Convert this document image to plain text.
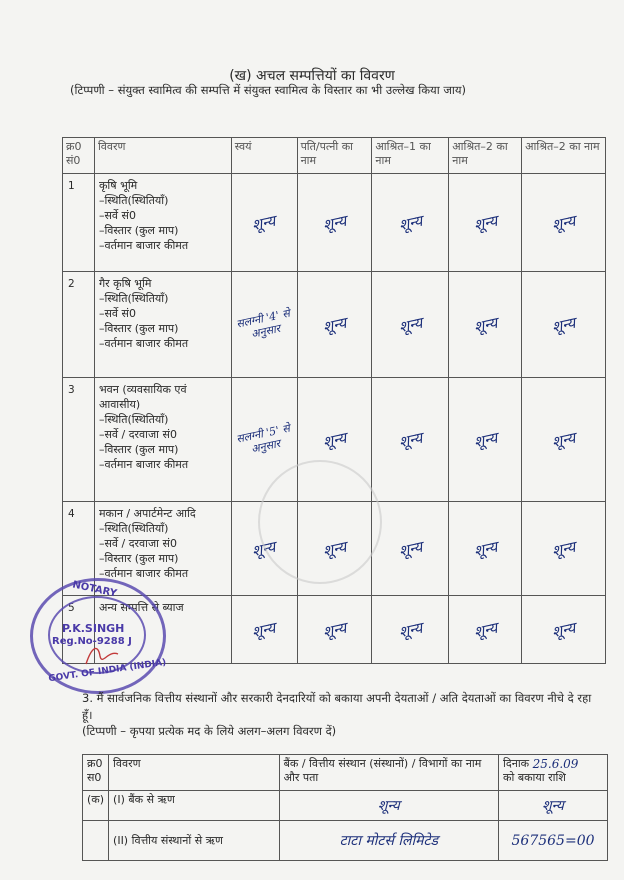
(ख) अचल सम्पत्तियों का विवरण
(टिप्पणी – संयुक्त स्वामित्व की सम्पत्ति में संयुक्त स्वामित्व के विस्तार का भी उल्लेख किया जाय)
क्र0 सं0	विवरण	स्वयं	पति/पत्नी का नाम	आश्रित–1 का नाम	आश्रित–2 का नाम	आश्रित–2 का नाम
1	कृषि भूमि
–स्थिति(स्थितियाँ)
–सर्वे सं0
–विस्तार (कुल माप)
–वर्तमान बाजार कीमत	शून्य	शून्य	शून्य	शून्य	शून्य
2	गैर कृषि भूमि
–स्थिति(स्थितियाँ)
–सर्वे सं0
–विस्तार (कुल माप)
–वर्तमान बाजार कीमत	सलग्नी '4' से अनुसार	शून्य	शून्य	शून्य	शून्य
3	भवन (व्यवसायिक एवं आवासीय)
–स्थिति(स्थितियाँ)
–सर्वे / दरवाजा सं0
–विस्तार (कुल माप)
–वर्तमान बाजार कीमत	सलग्नी '5' से अनुसार	शून्य	शून्य	शून्य	शून्य
4	मकान / अपार्टमेन्ट आदि
–स्थिति(स्थितियाँ)
–सर्वे / दरवाजा सं0
–विस्तार (कुल माप)
–वर्तमान बाजार कीमत	शून्य	शून्य	शून्य	शून्य	शून्य
5	अन्य सम्पत्ति से ब्याज	शून्य	शून्य	शून्य	शून्य	शून्य
NOTARY
P.K.SINGH
Reg.No-9288 J
GOVT. OF INDIA (INDIA)
3. मैं सार्वजनिक वित्तीय संस्थानों और सरकारी देनदारियों को बकाया अपनी देयताओं / अति देयताओं का विवरण नीचे दे रहा हूँ।
(टिप्पणी – कृपया प्रत्येक मद के लिये अलग–अलग विवरण दें)
क्र0 स0	विवरण	बैंक / वित्तीय संस्थान (संस्थानों) / विभागों का नाम और पता	दिनाक 25.6.09
को बकाया राशि
(क)	(I) बैंक से ऋण	शून्य	शून्य
	(II) वित्तीय संस्थानों से ऋण	टाटा मोटर्स लिमिटेड	567565=00
